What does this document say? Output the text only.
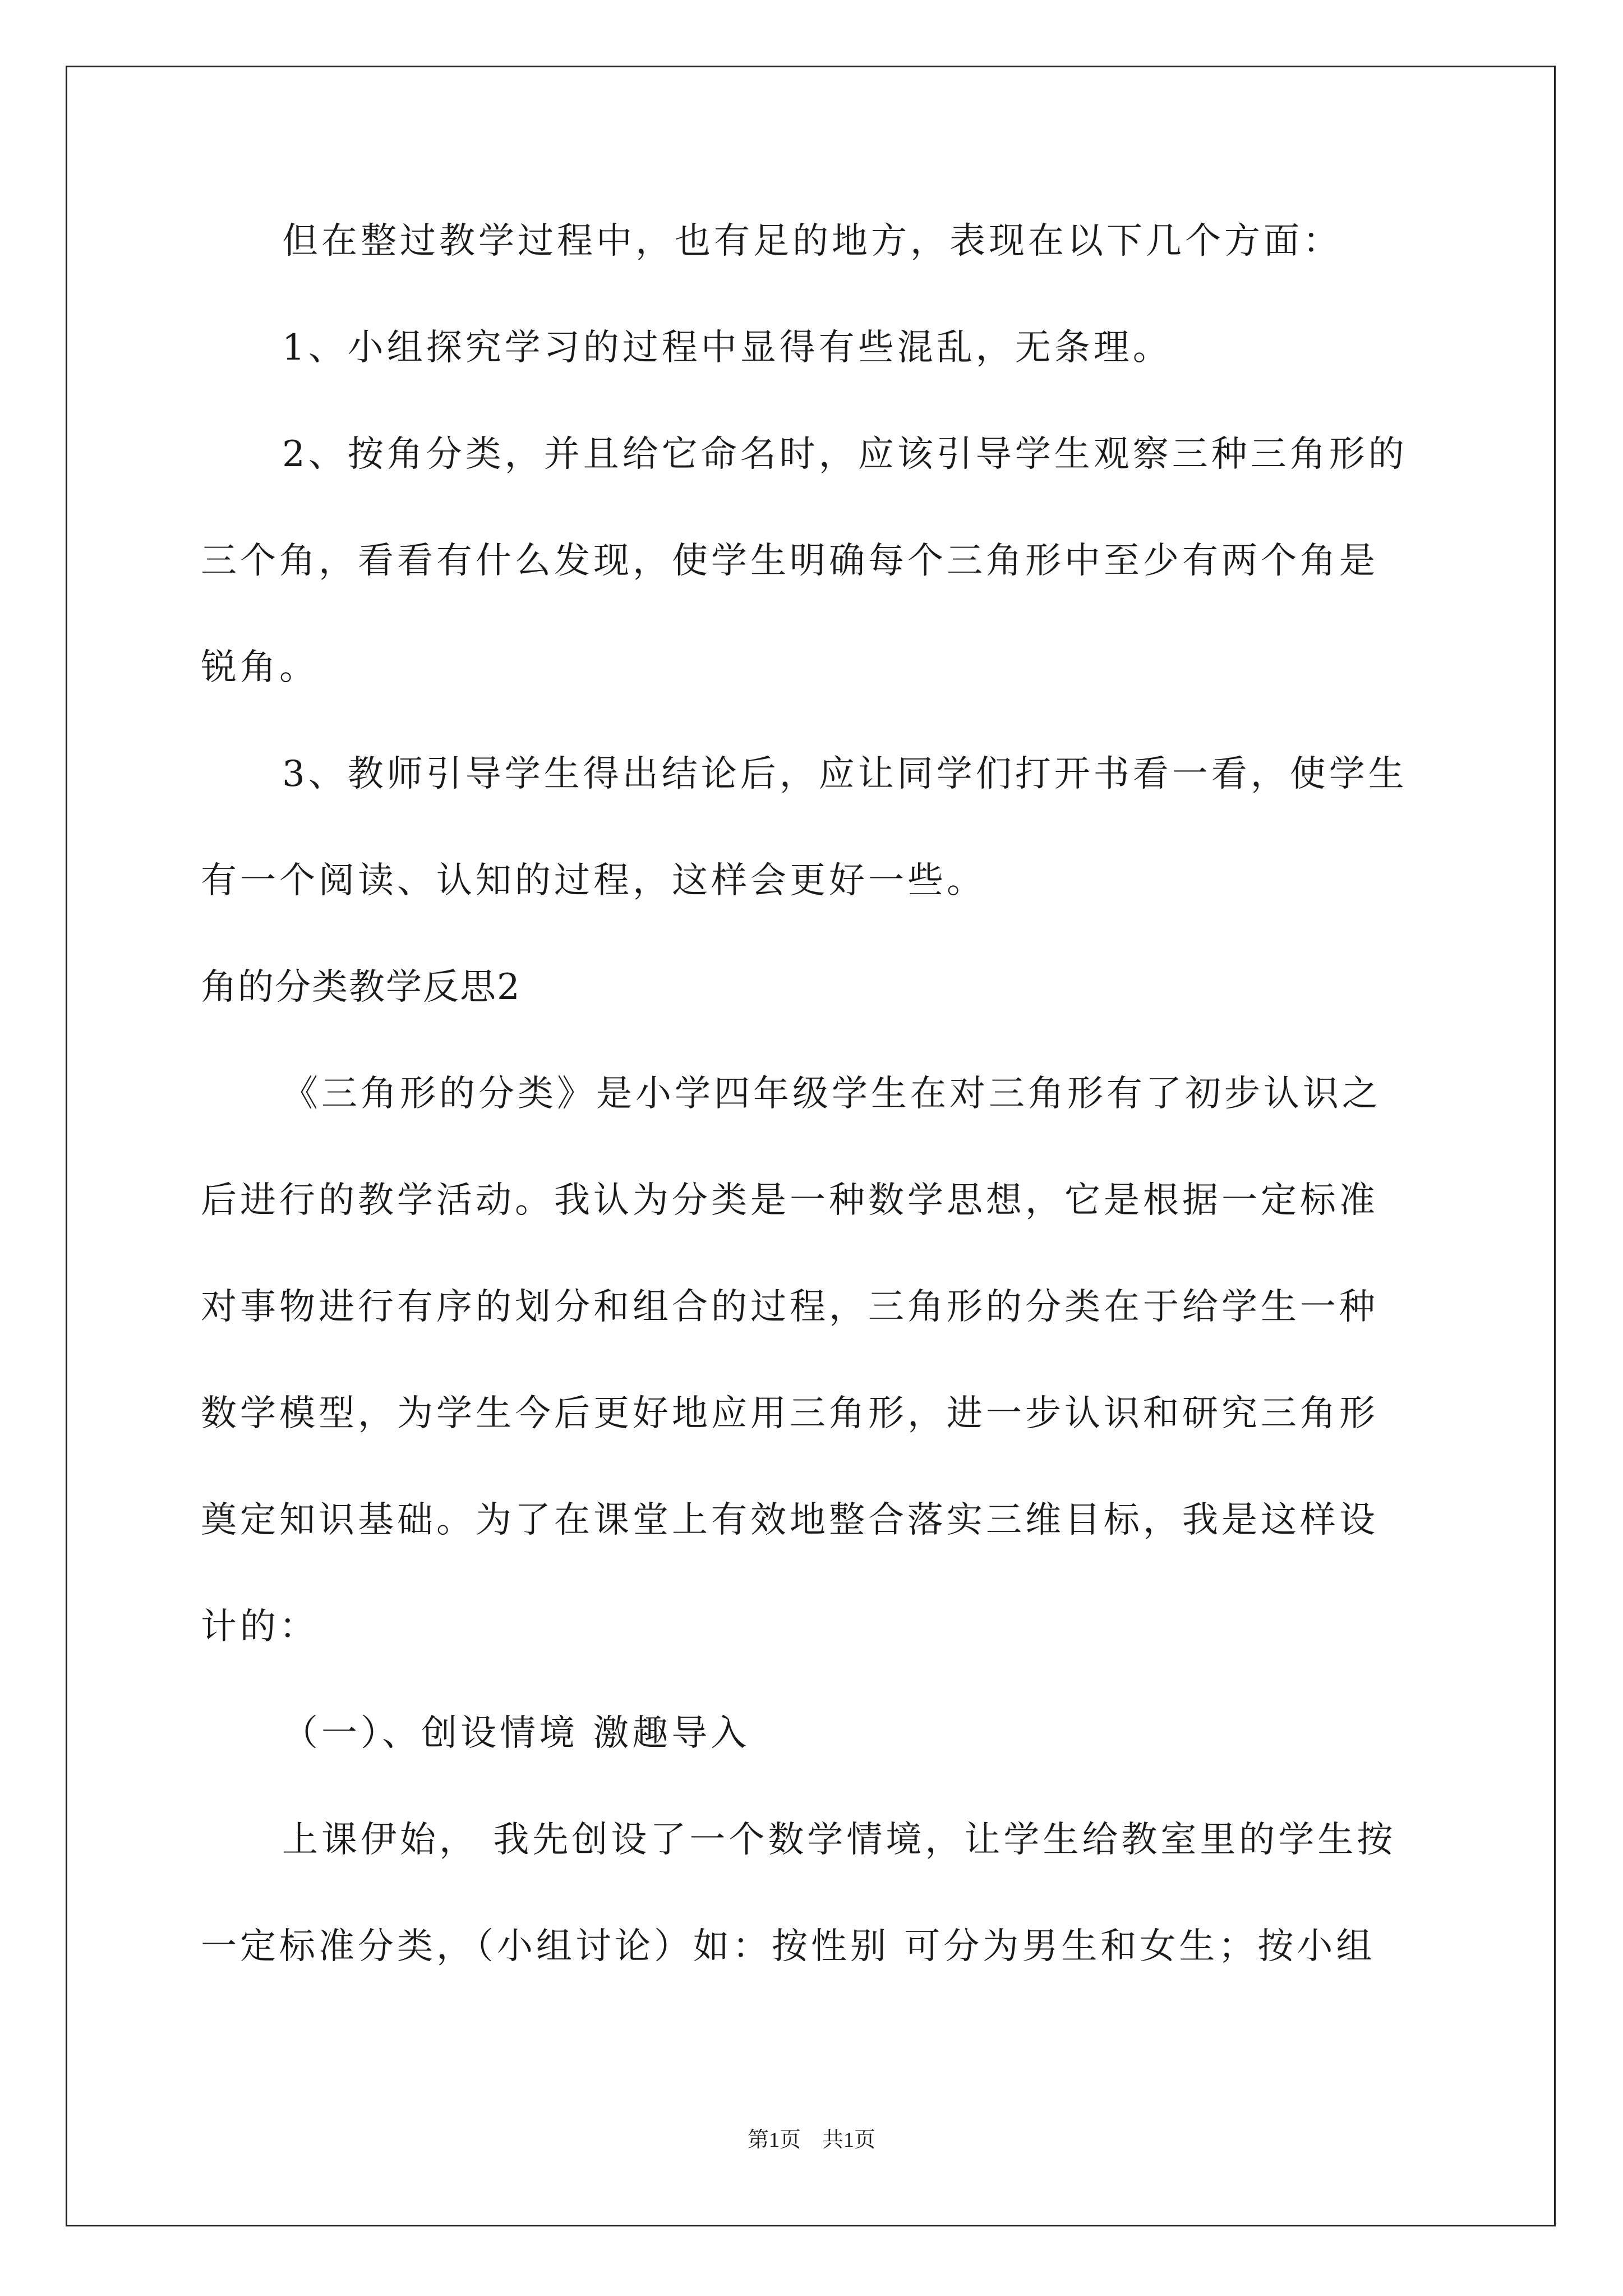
但在整过教学过程中，也有足的地方，表现在以下几个方面：
1、小组探究学习的过程中显得有些混乱，无条理。
2、按角分类，并且给它命名时，应该引导学生观察三种三角形的
三个角，看看有什么发现，使学生明确每个三角形中至少有两个角是
锐角。
3、教师引导学生得出结论后，应让同学们打开书看一看，使学生
有一个阅读、认知的过程，这样会更好一些。
角的分类教学反思2
《三角形的分类》是小学四年级学生在对三角形有了初步认识之
后进行的教学活动。我认为分类是一种数学思想，它是根据一定标准
对事物进行有序的划分和组合的过程，三角形的分类在于给学生一种
数学模型，为学生今后更好地应用三角形，进一步认识和研究三角形
奠定知识基础。为了在课堂上有效地整合落实三维目标，我是这样设
计的：
（一）、创设情境 激趣导入
上课伊始， 我先创设了一个数学情境，让学生给教室里的学生按
一定标准分类，（小组讨论）如：按性别 可分为男生和女生；按小组
第1页　共1页
